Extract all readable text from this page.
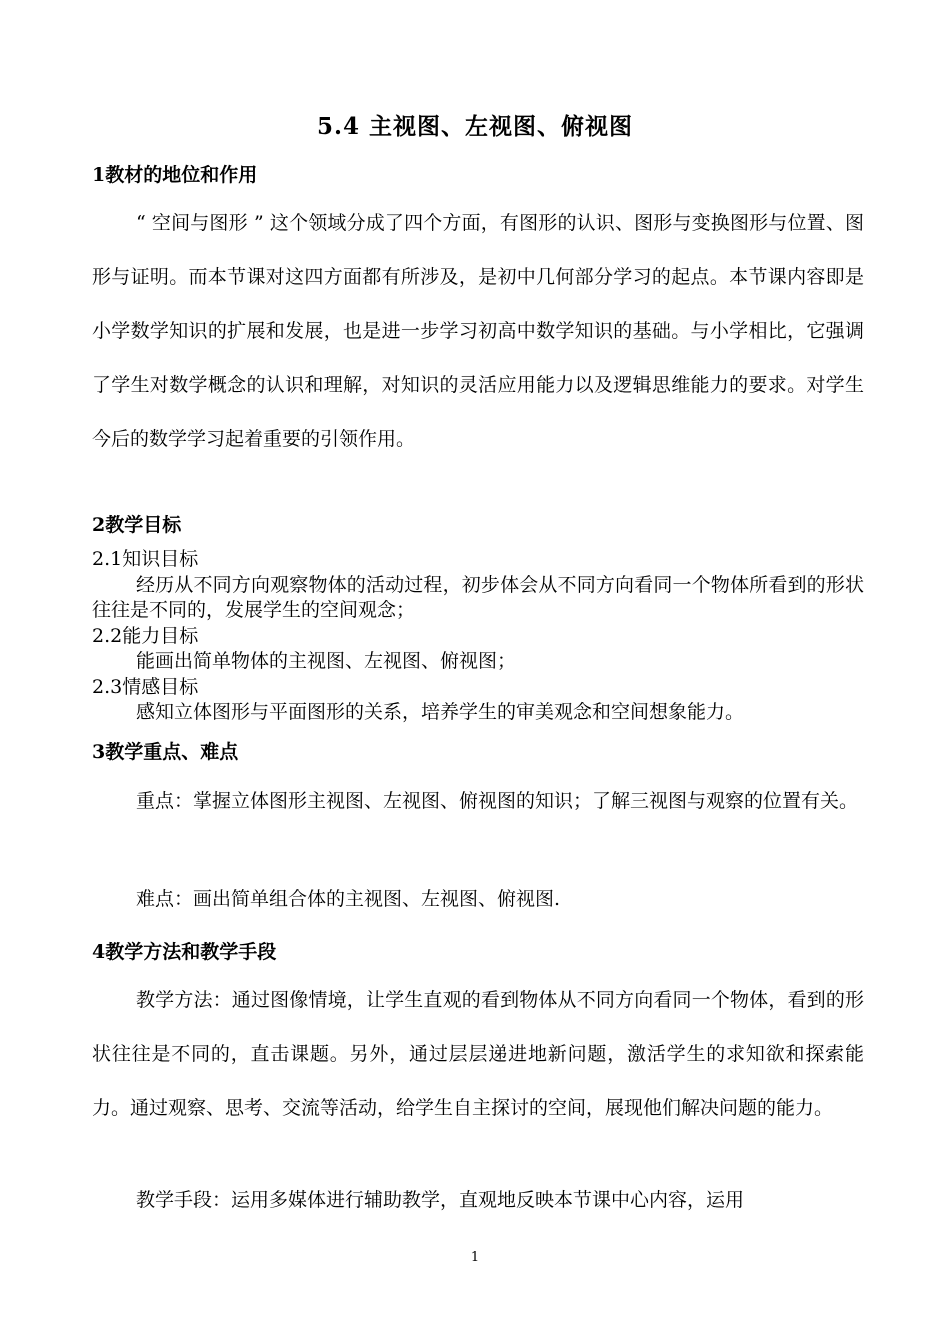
5.4 主视图、左视图、俯视图
1教材的地位和作用

“ 空间与图形 ” 这个领域分成了四个方面，有图形的认识、图形与变换图形与位置、图形与证明。而本节课对这四方面都有所涉及，是初中几何部分学习的起点。本节课内容即是小学数学知识的扩展和发展，也是进一步学习初高中数学知识的基础。与小学相比，它强调了学生对数学概念的认识和理解，对知识的灵活应用能力以及逻辑思维能力的要求。对学生今后的数学学习起着重要的引领作用。

2教学目标
2.1知识目标
经历从不同方向观察物体的活动过程，初步体会从不同方向看同一个物体所看到的形状往往是不同的，发展学生的空间观念；
2.2能力目标
能画出简单物体的主视图、左视图、俯视图；
2.3情感目标
感知立体图形与平面图形的关系，培养学生的审美观念和空间想象能力。
3教学重点、难点

重点：掌握立体图形主视图、左视图、俯视图的知识；了解三视图与观察的位置有关。

难点：画出简单组合体的主视图、左视图、俯视图.

4教学方法和教学手段

教学方法：通过图像情境，让学生直观的看到物体从不同方向看同一个物体，看到的形状往往是不同的，直击课题。另外，通过层层递进地新问题，激活学生的求知欲和探索能力。通过观察、思考、交流等活动，给学生自主探讨的空间，展现他们解决问题的能力。

教学手段：运用多媒体进行辅助教学，直观地反映本节课中心内容，运用

1
